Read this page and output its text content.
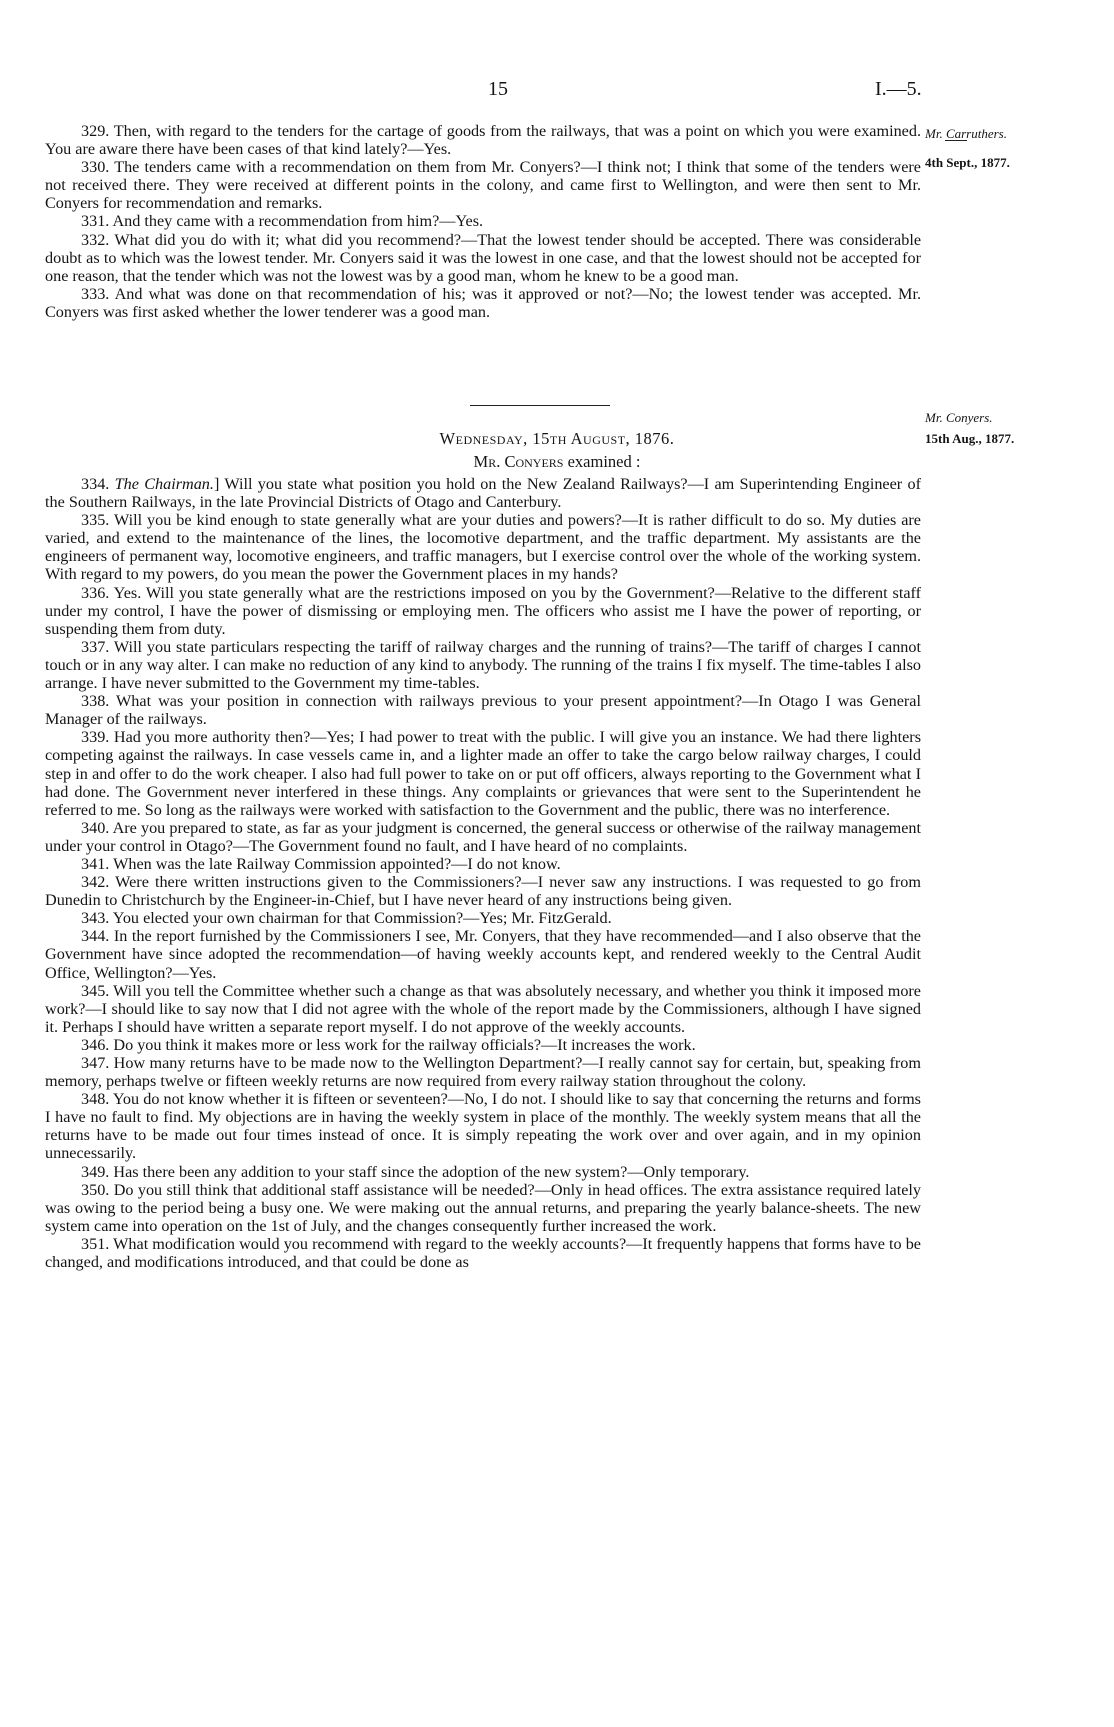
15	I.—5.
Mr. Carruthers.
4th Sept., 1877.

329. Then, with regard to the tenders for the cartage of goods from the railways, that was a point on which you were examined. You are aware there have been cases of that kind lately?—Yes.

330. The tenders came with a recommendation on them from Mr. Conyers?—I think not; I think that some of the tenders were not received there. They were received at different points in the colony, and came first to Wellington, and were then sent to Mr. Conyers for recommendation and remarks.

331. And they came with a recommendation from him?—Yes.

332. What did you do with it; what did you recommend?—That the lowest tender should be accepted. There was considerable doubt as to which was the lowest tender. Mr. Conyers said it was the lowest in one case, and that the lowest should not be accepted for one reason, that the tender which was not the lowest was by a good man, whom he knew to be a good man.

333. And what was done on that recommendation of his; was it approved or not?—No; the lowest tender was accepted. Mr. Conyers was first asked whether the lower tenderer was a good man.

Mr. Conyers.
15th Aug., 1877.
Wednesday, 15th August, 1876.
Mr. Conyers examined :

334. The Chairman.] Will you state what position you hold on the New Zealand Railways?—I am Superintending Engineer of the Southern Railways, in the late Provincial Districts of Otago and Canterbury.

335. Will you be kind enough to state generally what are your duties and powers?—It is rather difficult to do so. My duties are varied, and extend to the maintenance of the lines, the locomotive department, and the traffic department. My assistants are the engineers of permanent way, locomotive engineers, and traffic managers, but I exercise control over the whole of the working system. With regard to my powers, do you mean the power the Government places in my hands?

336. Yes. Will you state generally what are the restrictions imposed on you by the Government?—Relative to the different staff under my control, I have the power of dismissing or employing men. The officers who assist me I have the power of reporting, or suspending them from duty.

337. Will you state particulars respecting the tariff of railway charges and the running of trains?—The tariff of charges I cannot touch or in any way alter. I can make no reduction of any kind to anybody. The running of the trains I fix myself. The time-tables I also arrange. I have never submitted to the Government my time-tables.

338. What was your position in connection with railways previous to your present appointment?—In Otago I was General Manager of the railways.

339. Had you more authority then?—Yes; I had power to treat with the public. I will give you an instance. We had there lighters competing against the railways. In case vessels came in, and a lighter made an offer to take the cargo below railway charges, I could step in and offer to do the work cheaper. I also had full power to take on or put off officers, always reporting to the Government what I had done. The Government never interfered in these things. Any complaints or grievances that were sent to the Superintendent he referred to me. So long as the railways were worked with satisfaction to the Government and the public, there was no interference.

340. Are you prepared to state, as far as your judgment is concerned, the general success or otherwise of the railway management under your control in Otago?—The Government found no fault, and I have heard of no complaints.

341. When was the late Railway Commission appointed?—I do not know.

342. Were there written instructions given to the Commissioners?—I never saw any instructions. I was requested to go from Dunedin to Christchurch by the Engineer-in-Chief, but I have never heard of any instructions being given.

343. You elected your own chairman for that Commission?—Yes; Mr. FitzGerald.

344. In the report furnished by the Commissioners I see, Mr. Conyers, that they have recommended—and I also observe that the Government have since adopted the recommendation—of having weekly accounts kept, and rendered weekly to the Central Audit Office, Wellington?—Yes.

345. Will you tell the Committee whether such a change as that was absolutely necessary, and whether you think it imposed more work?—I should like to say now that I did not agree with the whole of the report made by the Commissioners, although I have signed it. Perhaps I should have written a separate report myself. I do not approve of the weekly accounts.

346. Do you think it makes more or less work for the railway officials?—It increases the work.

347. How many returns have to be made now to the Wellington Department?—I really cannot say for certain, but, speaking from memory, perhaps twelve or fifteen weekly returns are now required from every railway station throughout the colony.

348. You do not know whether it is fifteen or seventeen?—No, I do not. I should like to say that concerning the returns and forms I have no fault to find. My objections are in having the weekly system in place of the monthly. The weekly system means that all the returns have to be made out four times instead of once. It is simply repeating the work over and over again, and in my opinion unnecessarily.

349. Has there been any addition to your staff since the adoption of the new system?—Only temporary.

350. Do you still think that additional staff assistance will be needed?—Only in head offices. The extra assistance required lately was owing to the period being a busy one. We were making out the annual returns, and preparing the yearly balance-sheets. The new system came into operation on the 1st of July, and the changes consequently further increased the work.

351. What modification would you recommend with regard to the weekly accounts?—It frequently happens that forms have to be changed, and modifications introduced, and that could be done as
